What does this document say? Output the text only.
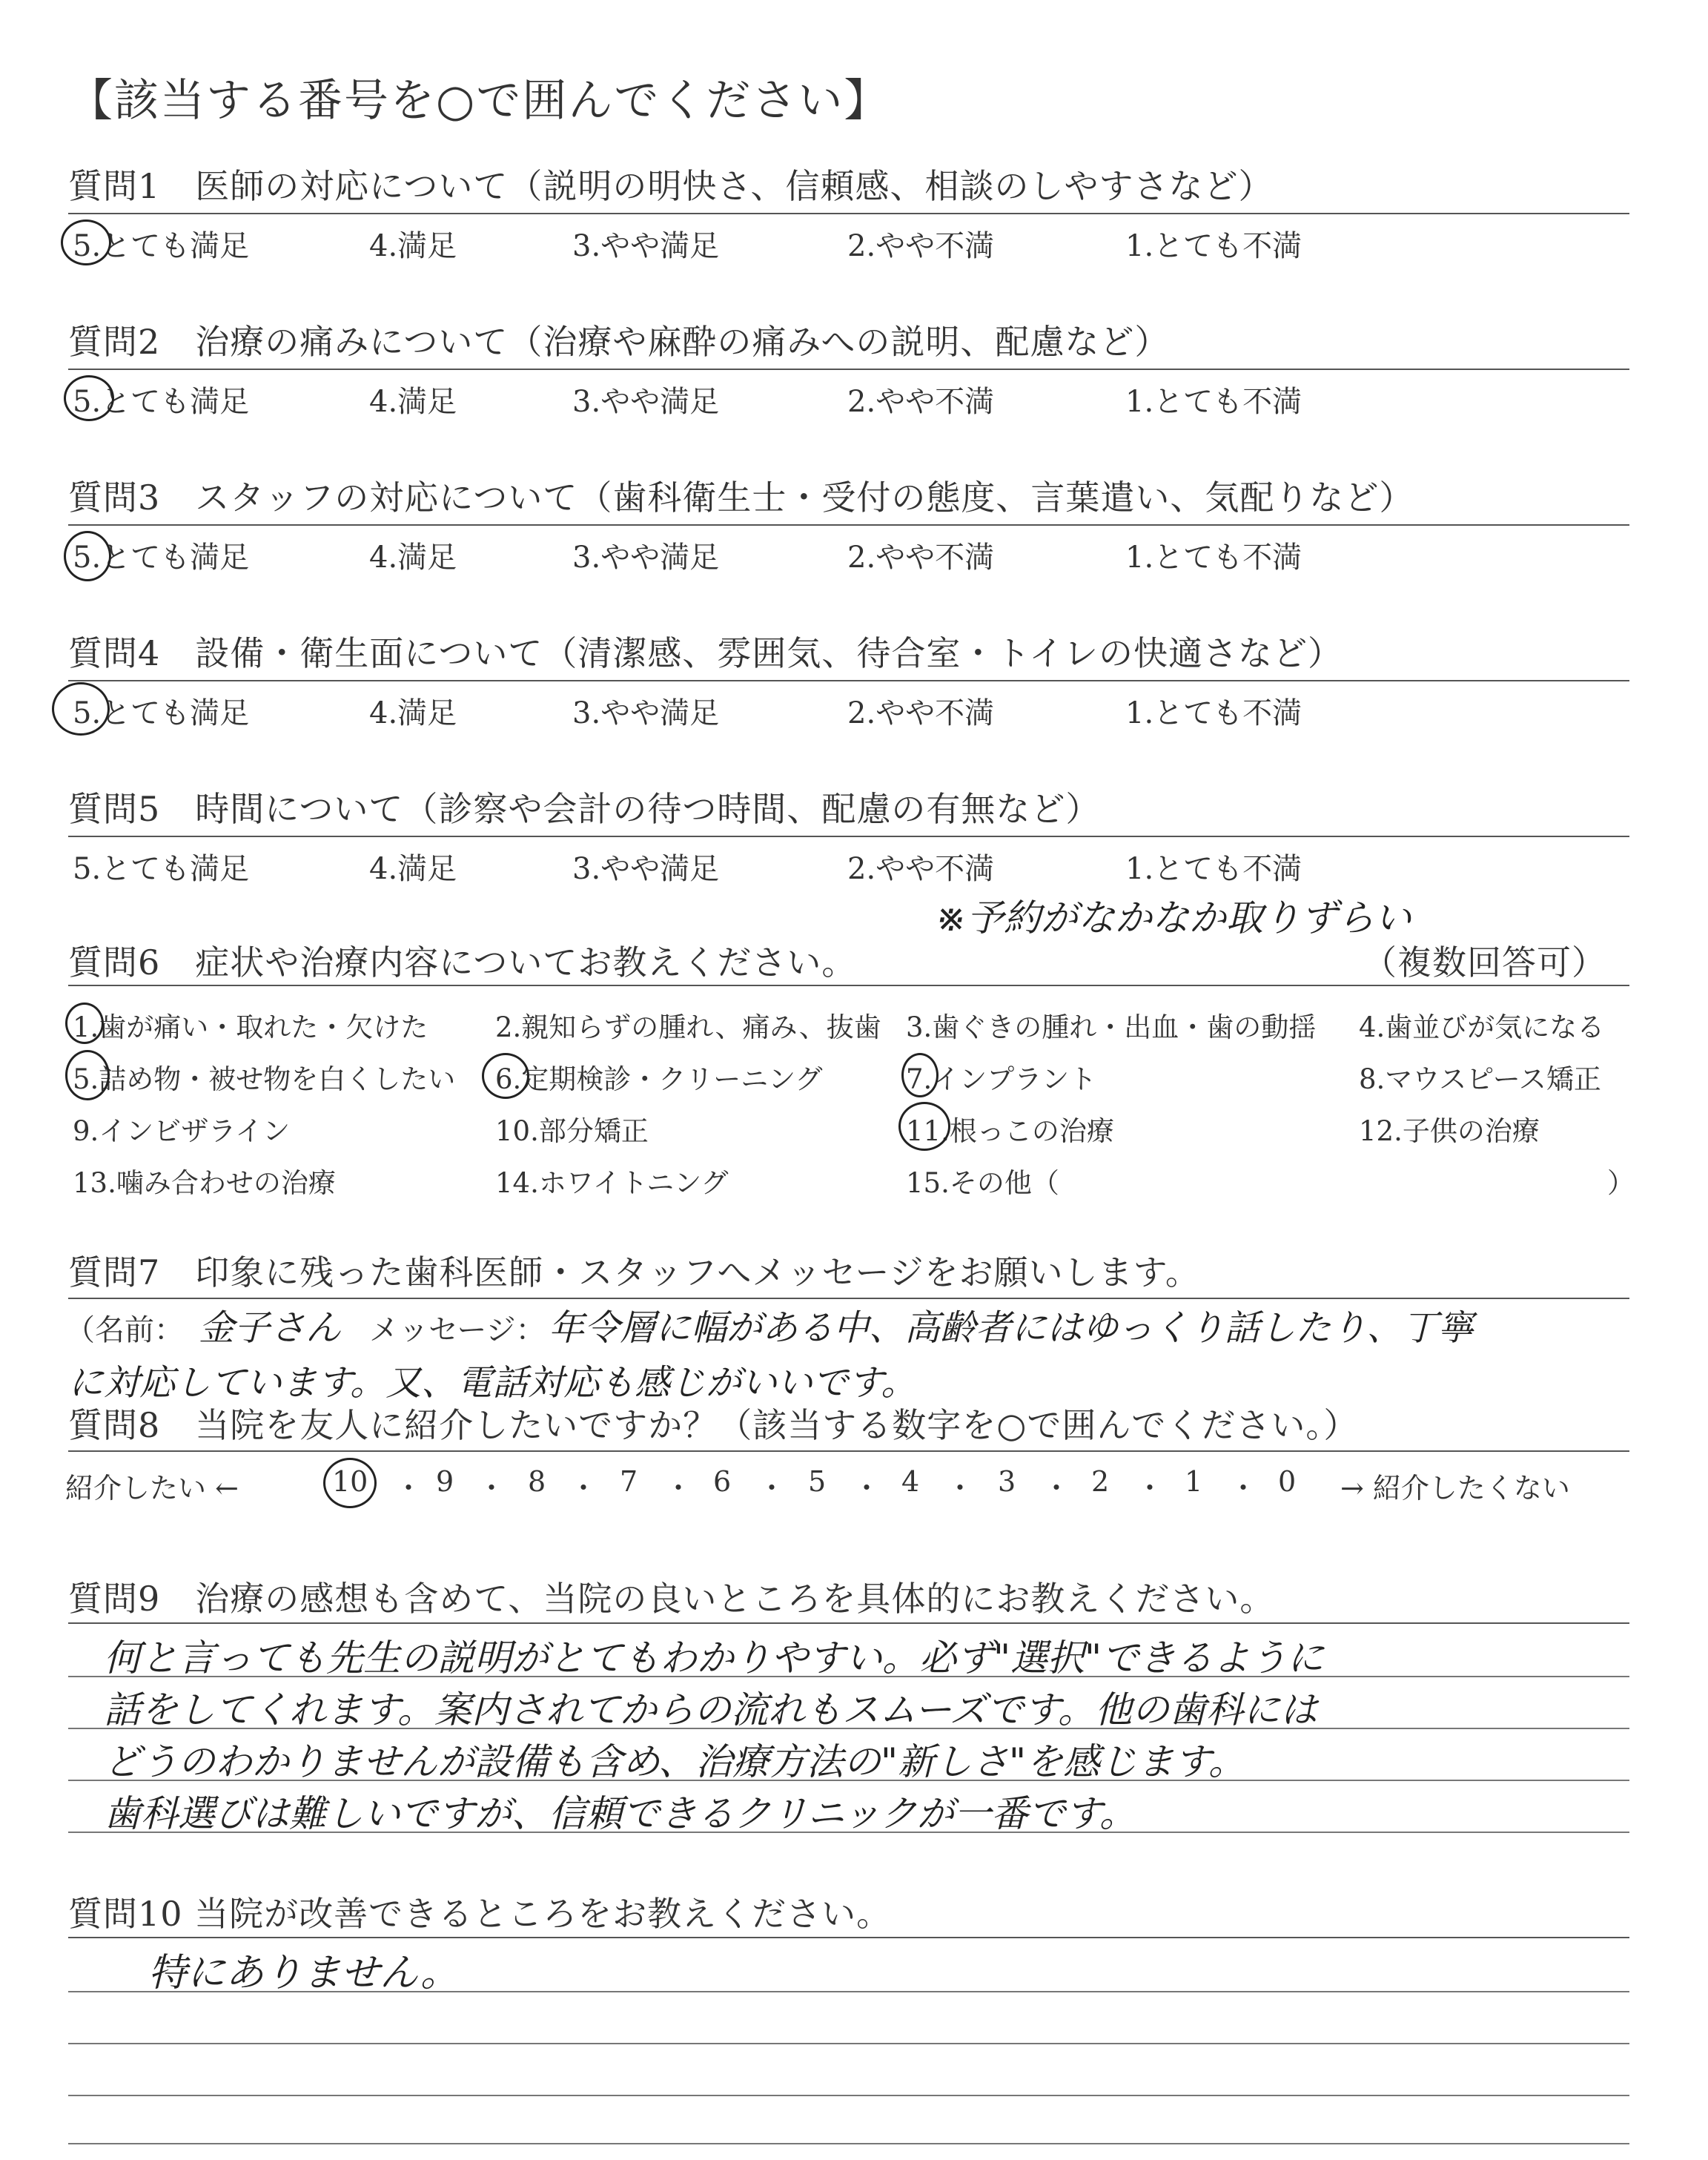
【該当する番号を○で囲んでください】
質問1　医師の対応について（説明の明快さ、信頼感、相談のしやすさなど）
5.とても満足	4.満足	3.やや満足	2.やや不満	1.とても不満
質問2　治療の痛みについて（治療や麻酔の痛みへの説明、配慮など）
5.とても満足	4.満足	3.やや満足	2.やや不満	1.とても不満
質問3　スタッフの対応について（歯科衛生士・受付の態度、言葉遣い、気配りなど）
5.とても満足	4.満足	3.やや満足	2.やや不満	1.とても不満
質問4　設備・衛生面について（清潔感、雰囲気、待合室・トイレの快適さなど）
5.とても満足	4.満足	3.やや満足	2.やや不満	1.とても不満
質問5　時間について（診察や会計の待つ時間、配慮の有無など）
5.とても満足	4.満足	3.やや満足	2.やや不満	1.とても不満
質問6　症状や治療内容についてお教えください。	（複数回答可）
※予約がなかなか取りずらい
1.歯が痛い・取れた・欠けた 2.親知らずの腫れ、痛み、抜歯 3.歯ぐきの腫れ・出血・歯の動揺 4.歯並びが気になる
5.詰め物・被せ物を白くしたい 6.定期検診・クリーニング	7.インプラント	8.マウスピース矯正
9.インビザライン	10.部分矯正	11.根っこの治療	12.子供の治療
13.噛み合わせの治療	14.ホワイトニング	15.その他（	）
質問7　印象に残った歯科医師・スタッフへメッセージをお願いします。
（名前： 金子さん メッセージ： 年令層に幅がある中、高齢者にはゆっくり話したり、丁寧
に対応しています。又、電話対応も感じがいいです。
質問8　当院を友人に紹介したいですか？（該当する数字を○で囲んでください。）
紹介したい ←	10 ・ 9 ・ 8 ・ 7 ・ 6 ・ 5 ・ 4 ・ 3 ・ 2 ・ 1 ・ 0 → 紹介したくない
質問9　治療の感想も含めて、当院の良いところを具体的にお教えください。
何と言っても先生の説明がとてもわかりやすい。必ず"選択"できるように
話をしてくれます。案内されてからの流れもスムーズです。他の歯科には
どうのわかりませんが設備も含め、治療方法の"新しさ"を感じます。
歯科選びは難しいですが、信頼できるクリニックが一番です。
質問10 当院が改善できるところをお教えください。
特にありません。
